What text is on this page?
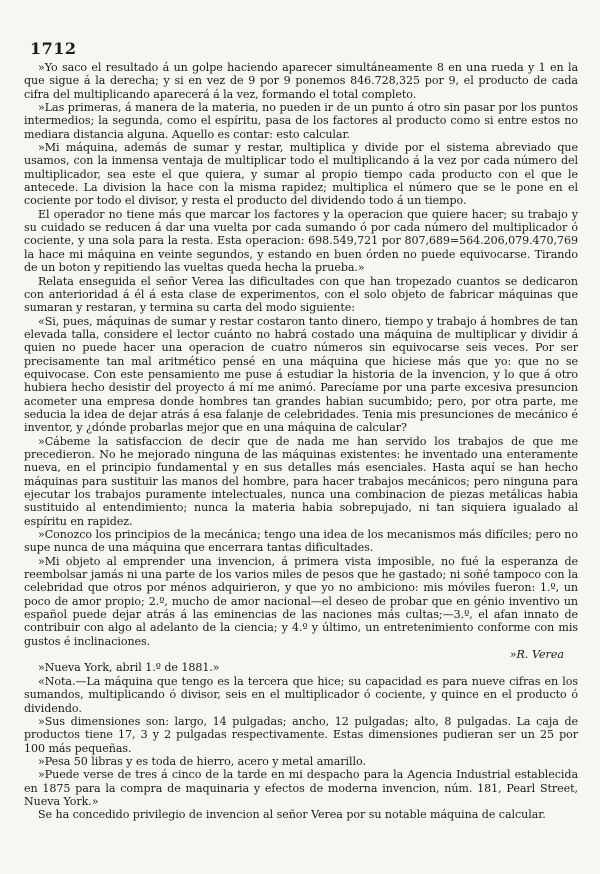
1712

»Yo saco el resultado á un golpe haciendo aparecer simultáneamente 8 en una rueda y 1 en la que sigue á la derecha; y si en vez de 9 por 9 ponemos 846.728,325 por 9, el producto de cada cifra del multiplicando aparecerá á la vez, formando el total completo.

»Las primeras, á manera de la materia, no pueden ir de un punto á otro sin pasar por los puntos intermedios; la segunda, como el espíritu, pasa de los factores al producto como si entre estos no mediara distancia alguna. Aquello es contar: esto calcular.

»Mi máquina, además de sumar y restar, multiplica y divide por el sistema abreviado que usamos, con la inmensa ventaja de multiplicar todo el multiplicando á la vez por cada número del multiplicador, sea este el que quiera, y sumar al propio tiempo cada producto con el que le antecede. La division la hace con la misma rapidez; multiplica el número que se le pone en el cociente por todo el divisor, y resta el producto del dividendo todo á un tiempo.

El operador no tiene más que marcar los factores y la operacion que quiere hacer; su trabajo y su cuidado se reducen á dar una vuelta por cada sumando ó por cada número del multiplicador ó cociente, y una sola para la resta. Esta operacion: 698.549,721 por 807,689=564.206,079.470,769 la hace mi máquina en veinte segundos, y estando en buen órden no puede equivocarse. Tirando de un boton y repitiendo las vueltas queda hecha la prueba.»

Relata enseguida el señor Verea las dificultades con que han tropezado cuantos se dedicaron con anterioridad á él á esta clase de experimentos, con el solo objeto de fabricar máquinas que sumaran y restaran, y termina su carta del modo siguiente:

«Si, pues, máquinas de sumar y restar costaron tanto dinero, tiempo y trabajo á hombres de tan elevada talla, considere el lector cuánto no habrá costado una máquina de multiplicar y dividir á quien no puede hacer una operacion de cuatro números sin equivocarse seis veces. Por ser precisamente tan mal aritmético pensé en una máquina que hiciese más que yo: que no se equivocase. Con este pensamiento me puse á estudiar la historia de la invencion, y lo que á otro hubiera hecho desistir del proyecto á mí me animó. Parecíame por una parte excesiva presuncion acometer una empresa donde hombres tan grandes habian sucumbido; pero, por otra parte, me seducia la idea de dejar atrás á esa falanje de celebridades. Tenia mis presunciones de mecánico é inventor, y ¿dónde probarlas mejor que en una máquina de calcular?

»Cábeme la satisfaccion de decir que de nada me han servido los trabajos de que me precedieron. No he mejorado ninguna de las máquinas existentes: he inventado una enteramente nueva, en el principio fundamental y en sus detalles más esenciales. Hasta aquí se han hecho máquinas para sustituir las manos del hombre, para hacer trabajos mecánicos; pero ninguna para ejecutar los trabajos puramente intelectuales, nunca una combinacion de piezas metálicas habia sustituido al entendimiento; nunca la materia habia sobrepujado, ni tan siquiera igualado al espíritu en rapidez.

»Conozco los principios de la mecánica; tengo una idea de los mecanismos más difíciles; pero no supe nunca de una máquina que encerrara tantas dificultades.

»Mi objeto al emprender una invencion, á primera vista imposible, no fué la esperanza de reembolsar jamás ni una parte de los varios miles de pesos que he gastado; ni soñé tampoco con la celebridad que otros por ménos adquirieron, y que yo no ambiciono: mis móviles fueron: 1.º, un poco de amor propio; 2.º, mucho de amor nacional—el deseo de probar que en génio inventivo un español puede dejar atrás á las eminencias de las naciones más cultas;—3.º, el afan innato de contribuir con algo al adelanto de la ciencia; y 4.º y último, un entretenimiento conforme con mis gustos é inclinaciones.

»R. Verea

»Nueva York, abril 1.º de 1881.»

«Nota.—La máquina que tengo es la tercera que hice; su capacidad es para nueve cifras en los sumandos, multiplicando ó divisor, seis en el multiplicador ó cociente, y quince en el producto ó dividendo.

»Sus dimensiones son: largo, 14 pulgadas; ancho, 12 pulgadas; alto, 8 pulgadas. La caja de productos tiene 17, 3 y 2 pulgadas respectivamente. Estas dimensiones pudieran ser un 25 por 100 más pequeñas.

»Pesa 50 libras y es toda de hierro, acero y metal amarillo.

»Puede verse de tres á cinco de la tarde en mi despacho para la Agencia Industrial establecida en 1875 para la compra de maquinaria y efectos de moderna invencion, núm. 181, Pearl Street, Nueva York.»

Se ha concedido privilegio de invencion al señor Verea por su notable máquina de calcular.
